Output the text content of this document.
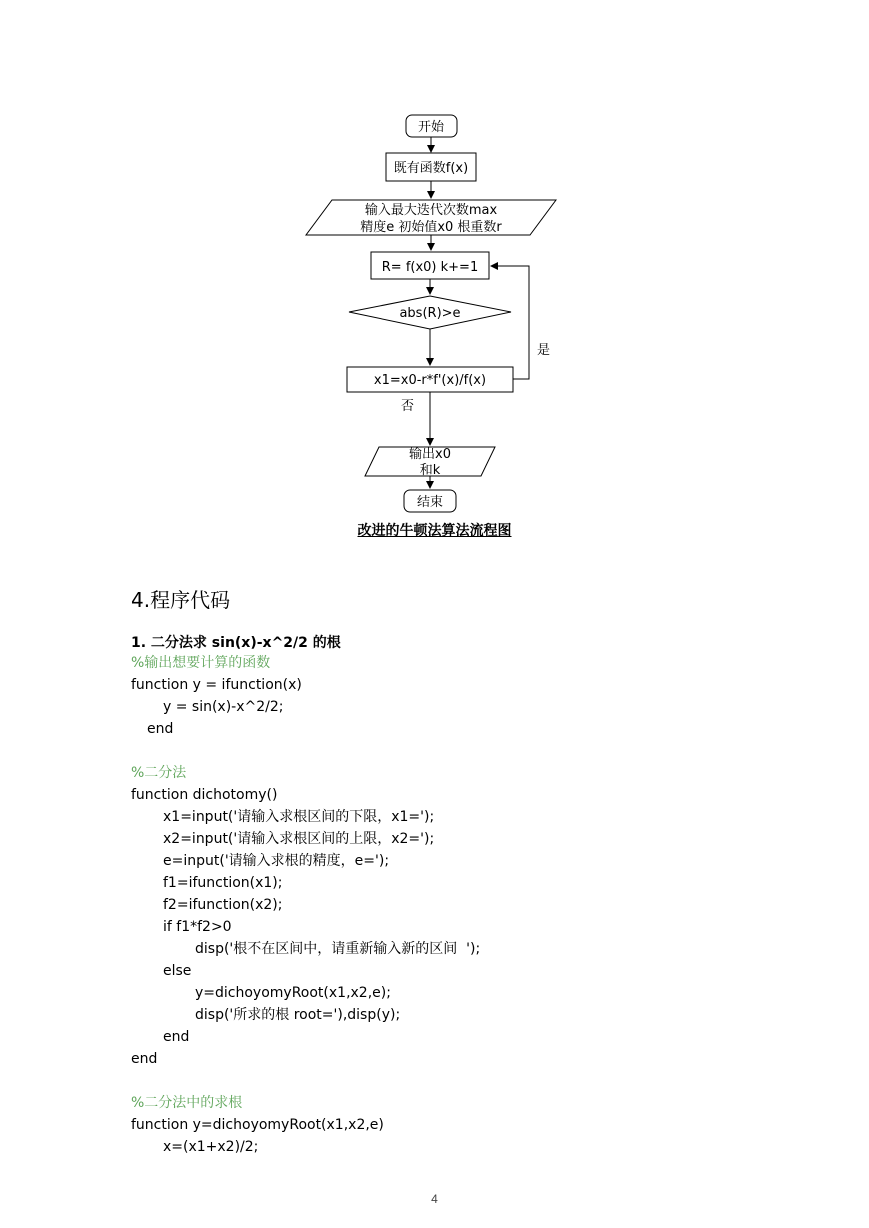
开始
既有函数f(x)
输入最大迭代次数max
精度e 初始值x0 根重数r
R= f(x0) k+=1
abs(R)>e
x1=x0-r*f'(x)/f(x)
是
否
输出x0
和k
结束
改进的牛顿法算法流程图
4.程序代码
1. 二分法求 sin(x)-x^2/2 的根
%输出想要计算的函数
function y = ifunction(x)
y = sin(x)-x^2/2;
end
%二分法
function dichotomy()
x1=input('请输入求根区间的下限，x1=');
x2=input('请输入求根区间的上限，x2=');
e=input('请输入求根的精度，e=');
f1=ifunction(x1);
f2=ifunction(x2);
if f1*f2>0
disp('根不在区间中，请重新输入新的区间  ');
else
y=dichoyomyRoot(x1,x2,e);
disp('所求的根 root='),disp(y);
end
end
%二分法中的求根
function y=dichoyomyRoot(x1,x2,e)
x=(x1+x2)/2;
4
